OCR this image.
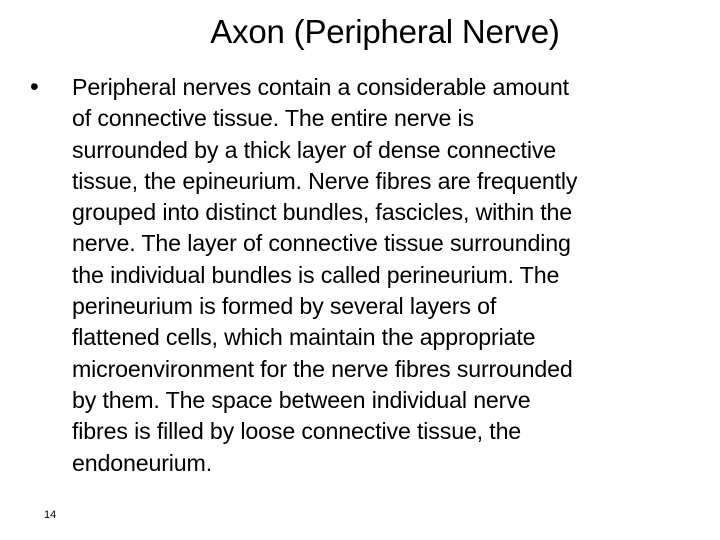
Axon (Peripheral Nerve)
•	Peripheral nerves contain a considerable amount
of connective tissue. The entire nerve is
surrounded by a thick layer of dense connective
tissue, the epineurium. Nerve fibres are frequently
grouped into distinct bundles, fascicles, within the
nerve. The layer of connective tissue surrounding
the individual bundles is called perineurium. The
perineurium is formed by several layers of
flattened cells, which maintain the appropriate
microenvironment for the nerve fibres surrounded
by them. The space between individual nerve
fibres is filled by loose connective tissue, the
endoneurium.
14
